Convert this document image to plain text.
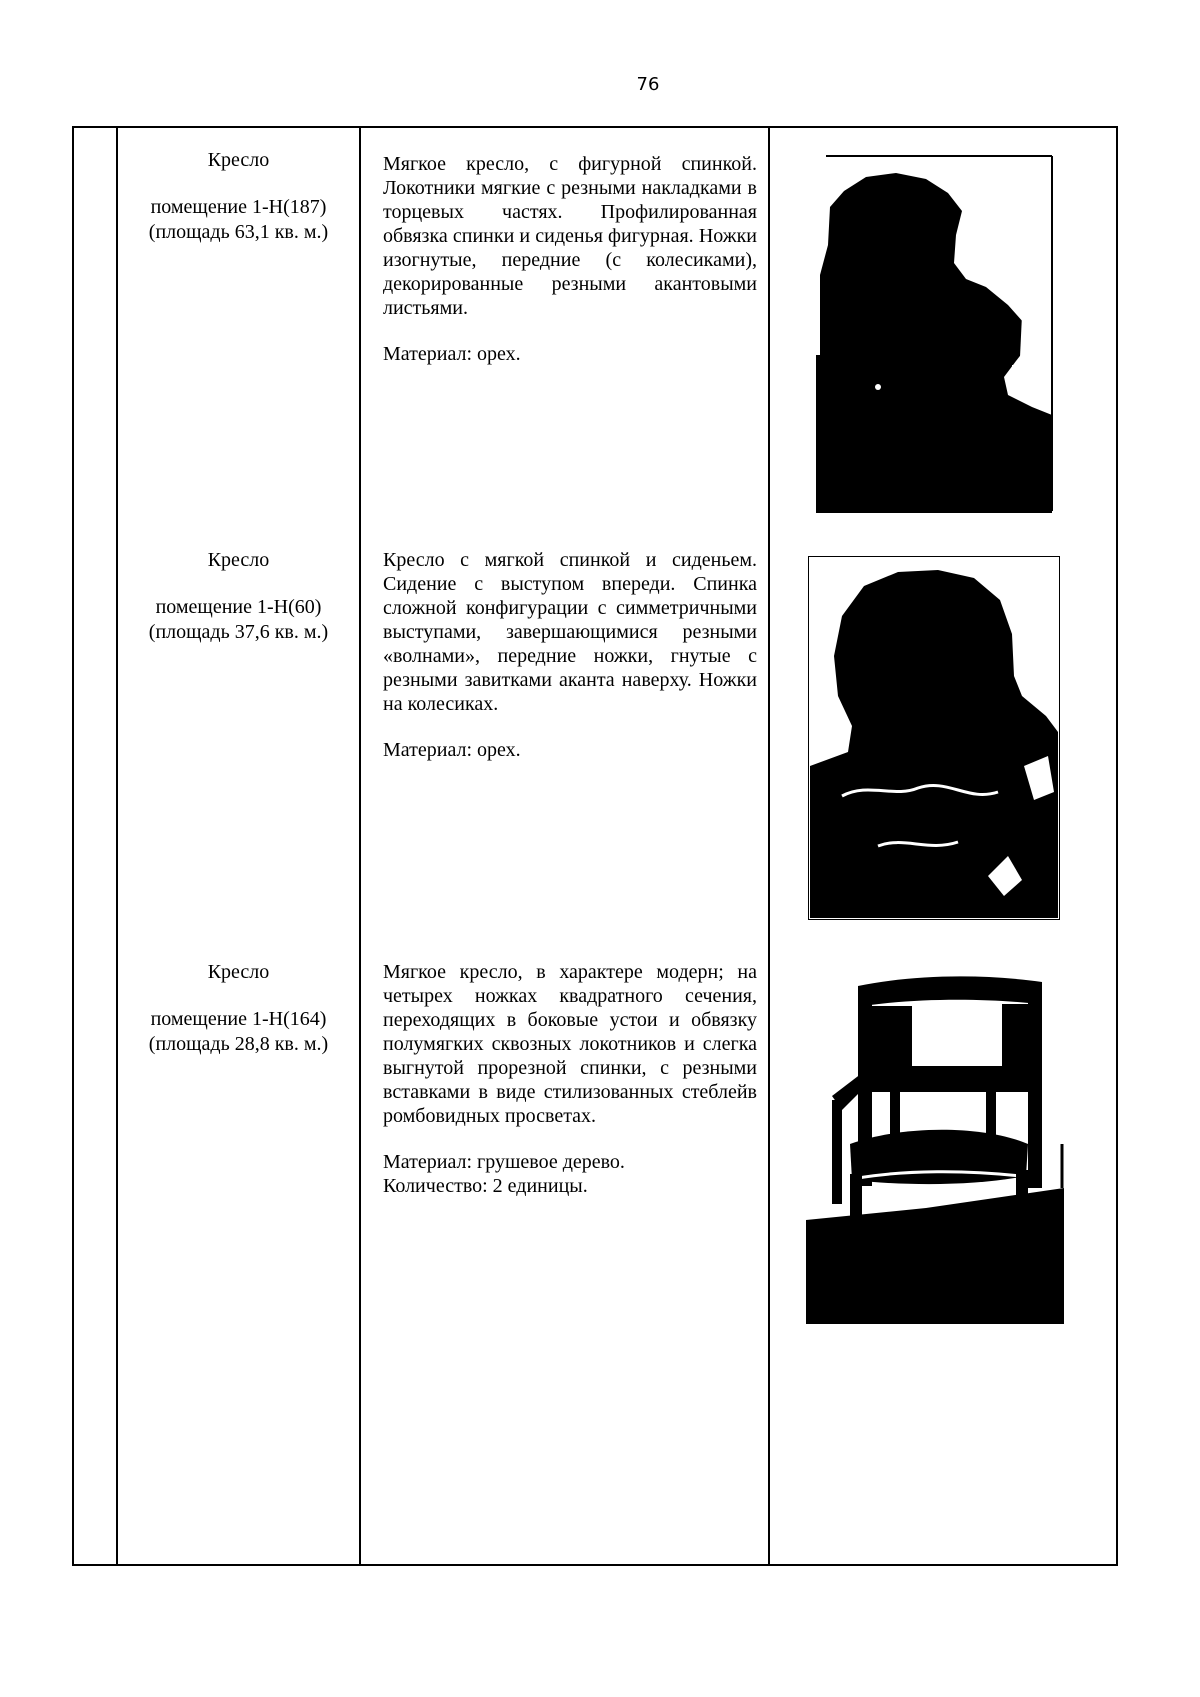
76
Кресло
помещение 1-Н(187)
(площадь 63,1 кв. м.)

Мягкое кресло, с фигурной спинкой. Локотники мягкие с резными накладками в торцевых частях. Профилированная обвязка спинки и сиденья фигурная. Ножки изогнутые, передние (с колесиками), декорированные резными акантовыми листьями.

Материал: орех.

Кресло
помещение 1-Н(60)
(площадь 37,6 кв. м.)

Кресло с мягкой спинкой и сиденьем. Сидение с выступом впереди. Спинка сложной конфигурации с симметричными выступами, завершающимися резными «волнами», передние ножки, гнутые с резными завитками аканта наверху. Ножки на колесиках.

Материал: орех.

Кресло
помещение 1-Н(164)
(площадь 28,8 кв. м.)

Мягкое кресло, в характере модерн; на четырех ножках квадратного сечения, переходящих в боковые устои и обвязку полумягких сквозных локотников и слегка выгнутой прорезной спинки, с резными вставками в виде стилизованных стеблейв ромбовидных просветах.

Материал: грушевое дерево.

Количество: 2 единицы.
